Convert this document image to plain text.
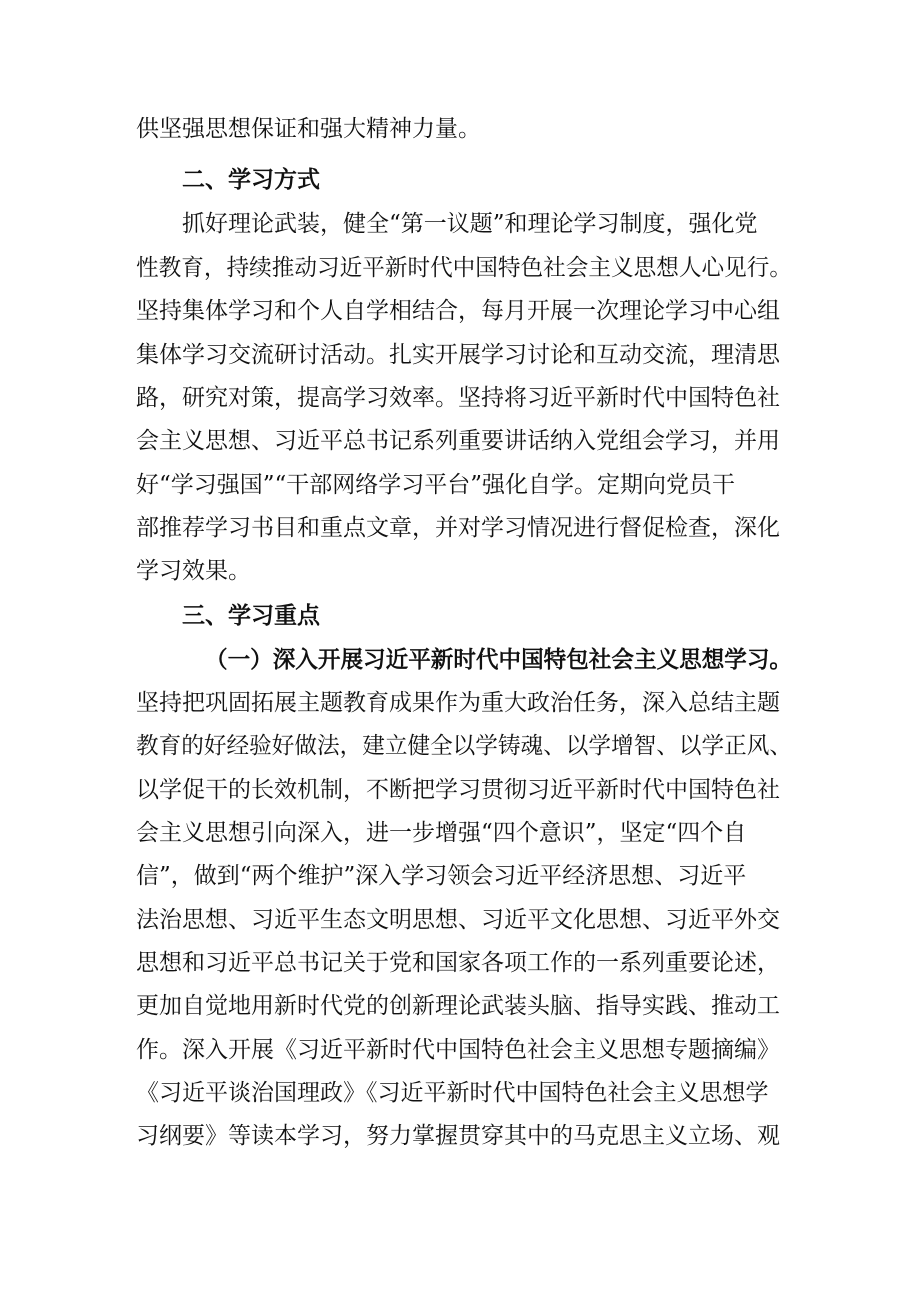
供坚强思想保证和强大精神力量。
二、学习方式
抓好理论武装，健全“第一议题”和理论学习制度，强化党
性教育，持续推动习近平新时代中国特色社会主义思想人心见行。
坚持集体学习和个人自学相结合，每月开展一次理论学习中心组
集体学习交流研讨活动。扎实开展学习讨论和互动交流，理清思
路，研究对策，提高学习效率。坚持将习近平新时代中国特色社
会主义思想、习近平总书记系列重要讲话纳入党组会学习，并用
好“学习强国”“干部网络学习平台”强化自学。定期向党员干
部推荐学习书目和重点文章，并对学习情况进行督促检查，深化
学习效果。
三、学习重点
（一）深入开展习近平新时代中国特包社会主义思想学习。
坚持把巩固拓展主题教育成果作为重大政治任务，深入总结主题
教育的好经验好做法，建立健全以学铸魂、以学增智、以学正风、
以学促干的长效机制，不断把学习贯彻习近平新时代中国特色社
会主义思想引向深入，进一步增强“四个意识”，坚定“四个自
信”，做到“两个维护”深入学习领会习近平经济思想、习近平
法治思想、习近平生态文明思想、习近平文化思想、习近平外交
思想和习近平总书记关于党和国家各项工作的一系列重要论述，
更加自觉地用新时代党的创新理论武装头脑、指导实践、推动工
作。深入开展《习近平新时代中国特色社会主义思想专题摘编》
《习近平谈治国理政》《习近平新时代中国特色社会主义思想学
习纲要》等读本学习，努力掌握贯穿其中的马克思主义立场、观
